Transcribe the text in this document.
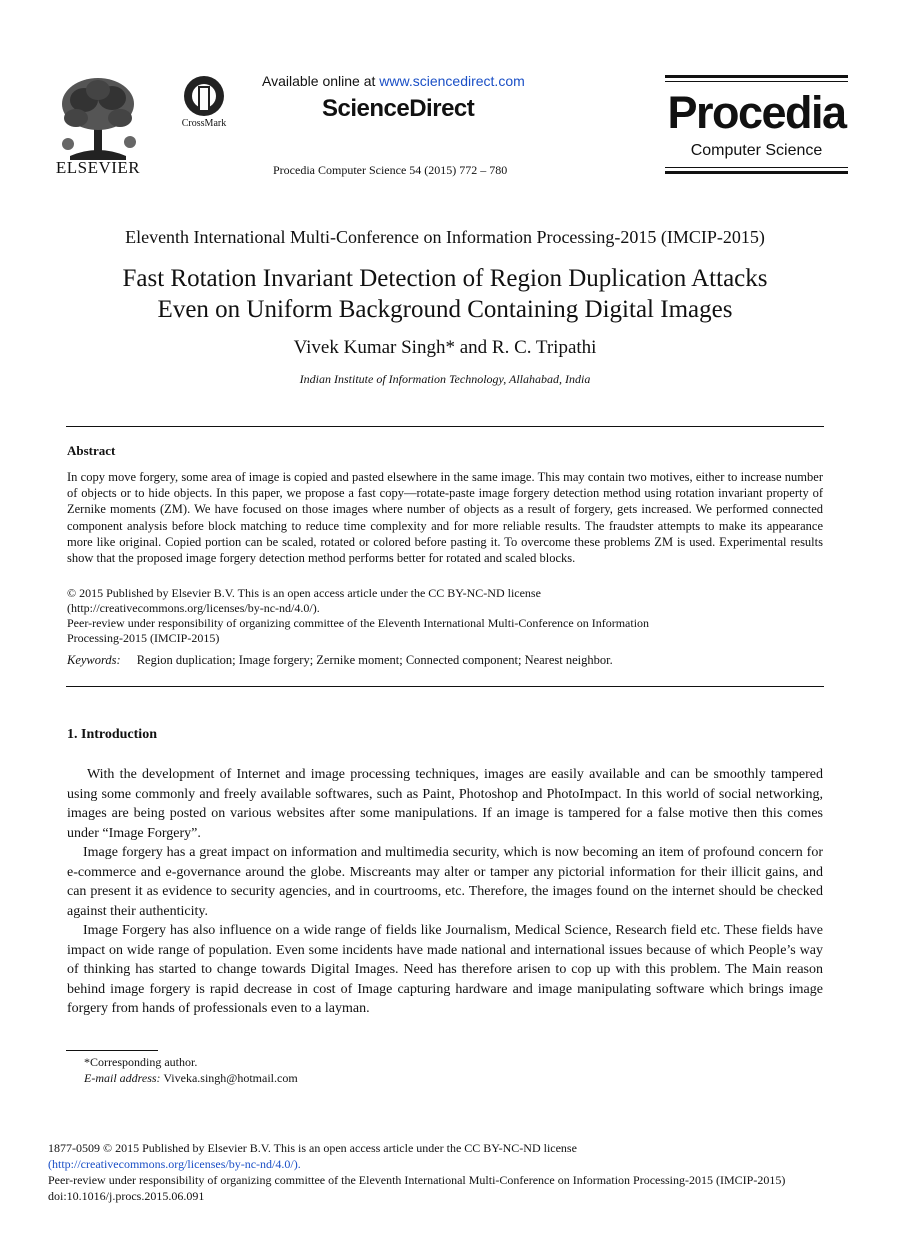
ELSEVIER
CrossMark
Available online at www.sciencedirect.com
ScienceDirect
Procedia Computer Science 54 (2015) 772 – 780
Procedia
Computer Science
Eleventh International Multi-Conference on Information Processing-2015 (IMCIP-2015)
Fast Rotation Invariant Detection of Region Duplication Attacks
Even on Uniform Background Containing Digital Images
Vivek Kumar Singh* and R. C. Tripathi
Indian Institute of Information Technology, Allahabad, India
Abstract
In copy move forgery, some area of image is copied and pasted elsewhere in the same image. This may contain two motives, either to increase number of objects or to hide objects. In this paper, we propose a fast copy—rotate-paste image forgery detection method using rotation invariant property of Zernike moments (ZM). We have focused on those images where number of objects as a result of forgery, gets increased. We performed connected component analysis before block matching to reduce time complexity and for more reliable results. The fraudster attempts to make its appearance more like original. Copied portion can be scaled, rotated or colored before pasting it. To overcome these problems ZM is used. Experimental results show that the proposed image forgery detection method performs better for rotated and scaled blocks.
© 2015 Published by Elsevier B.V. This is an open access article under the CC BY-NC-ND license
(http://creativecommons.org/licenses/by-nc-nd/4.0/).
Peer-review under responsibility of organizing committee of the Eleventh International Multi-Conference on Information
Processing-2015 (IMCIP-2015)
Keywords: Region duplication; Image forgery; Zernike moment; Connected component; Nearest neighbor.
1. Introduction

With the development of Internet and image processing techniques, images are easily available and can be smoothly tampered using some commonly and freely available softwares, such as Paint, Photoshop and PhotoImpact. In this world of social networking, images are being posted on various websites after some manipulations. If an image is tampered for a false motive then this comes under “Image Forgery”.

Image forgery has a great impact on information and multimedia security, which is now becoming an item of profound concern for e-commerce and e-governance around the globe. Miscreants may alter or tamper any pictorial information for their illicit gains, and can present it as evidence to security agencies, and in courtrooms, etc. Therefore, the images found on the internet should be checked against their authenticity.

Image Forgery has also influence on a wide range of fields like Journalism, Medical Science, Research field etc. These fields have impact on wide range of population. Even some incidents have made national and international issues because of which People’s way of thinking has started to change towards Digital Images. Need has therefore arisen to cop up with this problem. The Main reason behind image forgery is rapid decrease in cost of Image capturing hardware and image manipulating software which brings image forgery from hands of professionals even to a layman.

*Corresponding author.
E-mail address: Viveka.singh@hotmail.com
1877-0509 © 2015 Published by Elsevier B.V. This is an open access article under the CC BY-NC-ND license
(http://creativecommons.org/licenses/by-nc-nd/4.0/).
Peer-review under responsibility of organizing committee of the Eleventh International Multi-Conference on Information Processing-2015 (IMCIP-2015)
doi:10.1016/j.procs.2015.06.091
